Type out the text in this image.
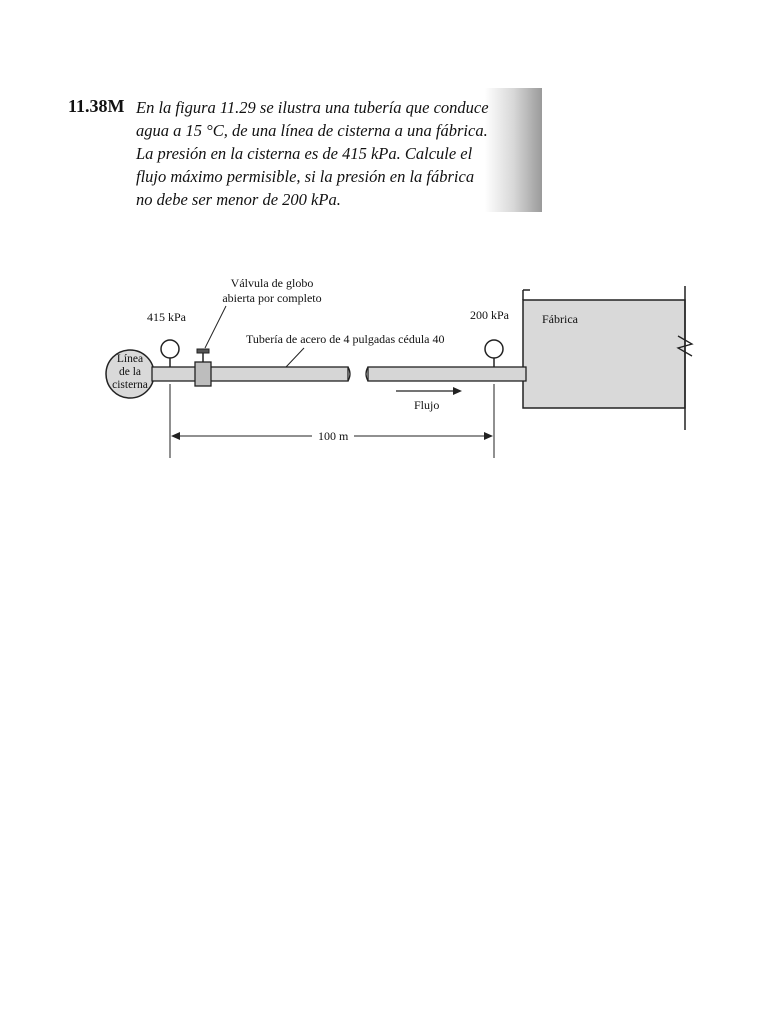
11.38M En la figura 11.29 se ilustra una tubería que conduce
agua a 15 °C, de una línea de cisterna a una fábrica.
La presión en la cisterna es de 415 kPa. Calcule el
flujo máximo permisible, si la presión en la fábrica
no debe ser menor de 200 kPa.
Válvula de globo
abierta por completo
415 kPa	200 kPa
Tubería de acero de 4 pulgadas cédula 40
Línea
de la
cisterna
Fábrica
Flujo
100 m
